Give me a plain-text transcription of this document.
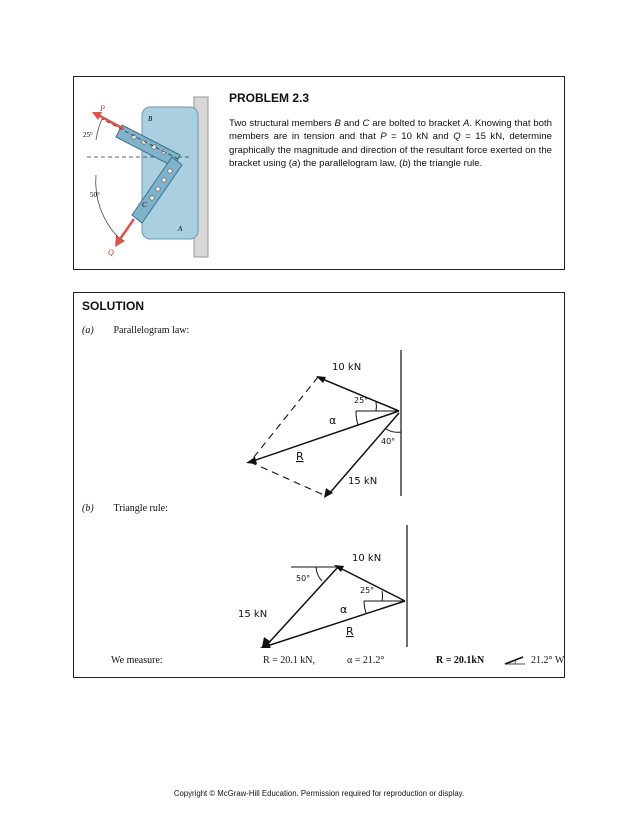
P
Q
B
C
A
25°
50°
PROBLEM 2.3
Two structural members B and C are bolted to bracket A. Knowing that both members are in tension and that P = 10 kN and Q = 15 kN, determine graphically the magnitude and direction of the resultant force exerted on the bracket using (a) the parallelogram law, (b) the triangle rule.
SOLUTION
(a) Parallelogram law:
10 kN
25°
α
40°
R
15 kN
(b) Triangle rule:
10 kN
50°
25°
α
15 kN
R
We measure:	R = 20.1 kN,	α = 21.2°	R = 20.1kN	21.2° W
Copyright © McGraw-Hill Education. Permission required for reproduction or display.
